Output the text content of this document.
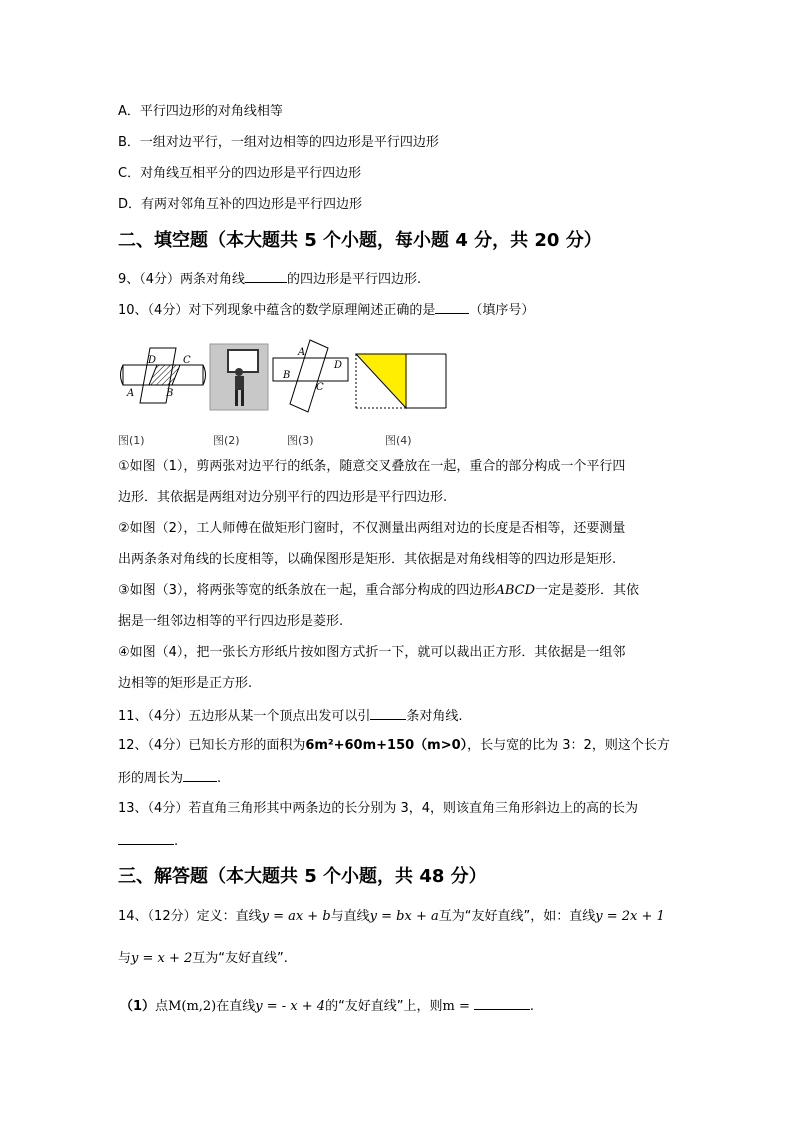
A．平行四边形的对角线相等
B．一组对边平行，一组对边相等的四边形是平行四边形
C．对角线互相平分的四边形是平行四边形
D．有两对邻角互补的四边形是平行四边形
二、填空题（本大题共 5 个小题，每小题 4 分，共 20 分）
9、（4分）两条对角线	的四边形是平行四边形.
10、（4分）对下列现象中蕴含的数学原理阐述正确的是	（填序号）
D	C
A	B
A
D
B
C
图(1)	图(2)	图(3)	图(4)
①如图（1），剪两张对边平行的纸条，随意交叉叠放在一起，重合的部分构成一个平行四
边形．其依据是两组对边分别平行的四边形是平行四边形.
②如图（2），工人师傅在做矩形门窗时，不仅测量出两组对边的长度是否相等，还要测量
出两条条对角线的长度相等，以确保图形是矩形．其依据是对角线相等的四边形是矩形.
③如图（3），将两张等宽的纸条放在一起，重合部分构成的四边形ABCD一定是菱形．其依
据是一组邻边相等的平行四边形是菱形.
④如图（4），把一张长方形纸片按如图方式折一下，就可以裁出正方形．其依据是一组邻
边相等的矩形是正方形.
11、（4分）五边形从某一个顶点出发可以引	条对角线.
12、（4分）已知长方形的面积为6m²+60m+150（m>0），长与宽的比为 3：2，则这个长方
形的周长为	.
13、（4分）若直角三角形其中两条边的长分别为 3，4，则该直角三角形斜边上的高的长为
.
三、解答题（本大题共 5 个小题，共 48 分）
14、（12分）定义：直线y = ax + b与直线y = bx + a互为“友好直线”，如：直线y = 2x + 1
与y = x + 2互为“友好直线”.
（1）点M(m,2)在直线y = - x + 4的“友好直线”上，则m =	.
